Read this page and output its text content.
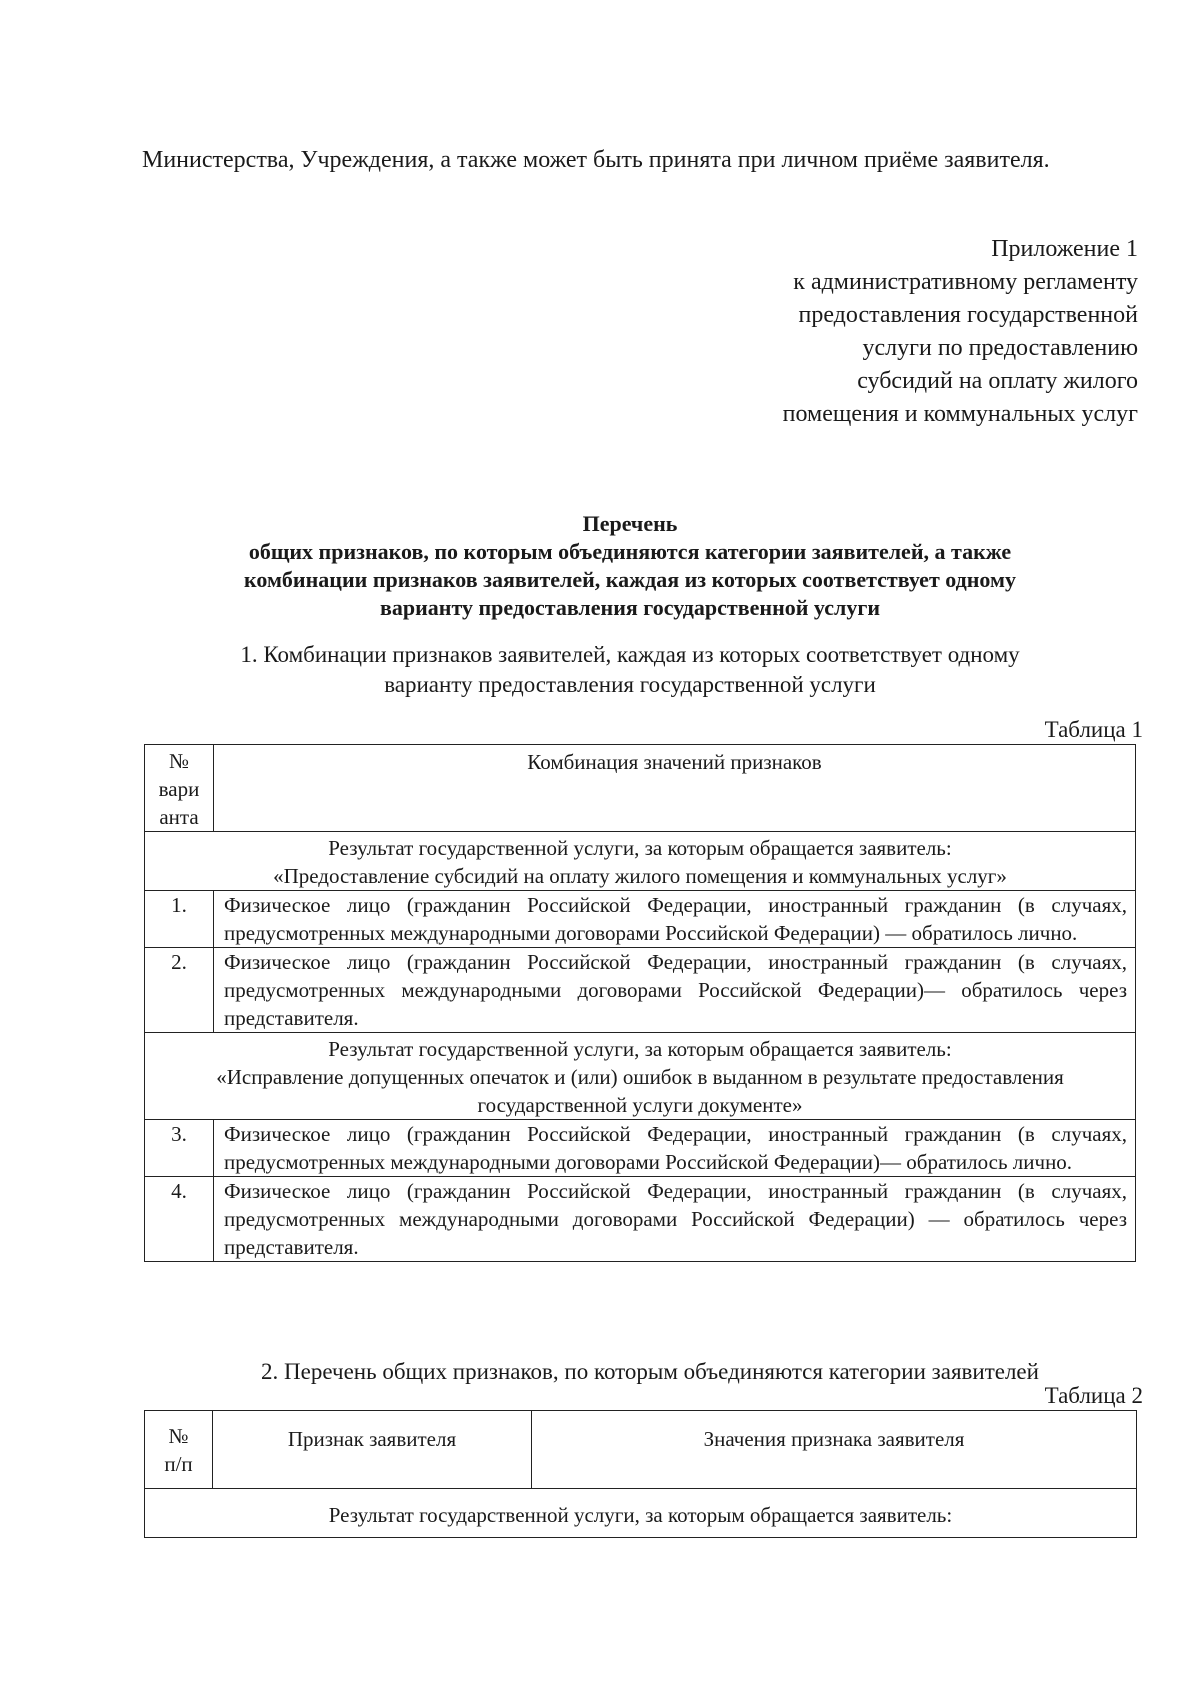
Министерства, Учреждения, а также может быть принята при личном приёме заявителя.
Приложение 1
к административному регламенту
предоставления государственной
услуги по предоставлению
субсидий на оплату жилого
помещения и коммунальных услуг
Перечень
общих признаков, по которым объединяются категории заявителей, а также
комбинации признаков заявителей, каждая из которых соответствует одному
варианту предоставления государственной услуги
1. Комбинации признаков заявителей, каждая из которых соответствует одному
варианту предоставления государственной услуги
Таблица 1
№
вари
анта	Комбинация значений признаков

Результат государственной услуги, за которым обращается заявитель:
«Предоставление субсидий на оплату жилого помещения и коммунальных услуг»	

1.	Физическое лицо (гражданин Российской Федерации, иностранный гражданин (в случаях, предусмотренных международными договорами Российской Федерации) — обратилось лично.
2.	Физическое лицо (гражданин Российской Федерации, иностранный гражданин (в случаях, предусмотренных международными договорами Российской Федерации)— обратилось через представителя.

Результат государственной услуги, за которым обращается заявитель:
«Исправление допущенных опечаток и (или) ошибок в выданном в результате предоставления
государственной услуги документе»	

3.	Физическое лицо (гражданин Российской Федерации, иностранный гражданин (в случаях, предусмотренных международными договорами Российской Федерации)— обратилось лично.
4.	Физическое лицо (гражданин Российской Федерации, иностранный гражданин (в случаях, предусмотренных международными договорами Российской Федерации) — обратилось через представителя.
2. Перечень общих признаков, по которым объединяются категории заявителей
Таблица 2
№
п/п
	Признак заявителя	Значения признака заявителя
Результат государственной услуги, за которым обращается заявитель:
